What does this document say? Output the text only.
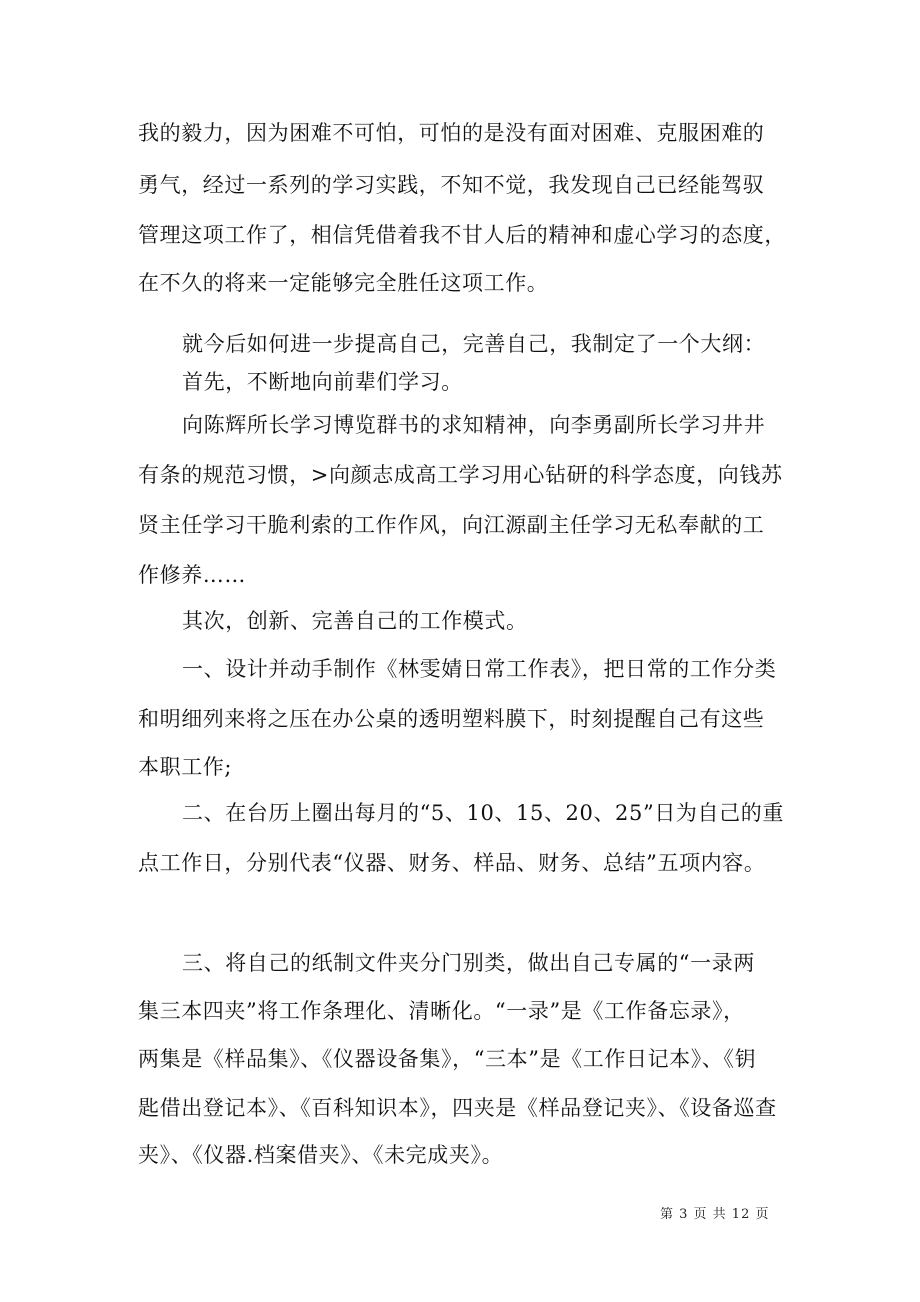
我的毅力，因为困难不可怕，可怕的是没有面对困难、克服困难的
勇气，经过一系列的学习实践，不知不觉，我发现自己已经能驾驭
管理这项工作了，相信凭借着我不甘人后的精神和虚心学习的态度，
在不久的将来一定能够完全胜任这项工作。
就今后如何进一步提高自己，完善自己，我制定了一个大纲：
首先，不断地向前辈们学习。
向陈辉所长学习博览群书的求知精神，向李勇副所长学习井井
有条的规范习惯，>向颜志成高工学习用心钻研的科学态度，向钱苏
贤主任学习干脆利索的工作作风，向江源副主任学习无私奉献的工
作修养……
其次，创新、完善自己的工作模式。
一、设计并动手制作《林雯婧日常工作表》，把日常的工作分类
和明细列来将之压在办公桌的透明塑料膜下，时刻提醒自己有这些
本职工作;
二、在台历上圈出每月的“5、10、15、20、25”日为自己的重
点工作日，分别代表“仪器、财务、样品、财务、总结”五项内容。
三、将自己的纸制文件夹分门别类，做出自己专属的“一录两
集三本四夹”将工作条理化、清晰化。“一录”是《工作备忘录》，
两集是《样品集》、《仪器设备集》，“三本”是《工作日记本》、《钥
匙借出登记本》、《百科知识本》，四夹是《样品登记夹》、《设备巡查
夹》、《仪器.档案借夹》、《未完成夹》。
第 3 页 共 12 页
